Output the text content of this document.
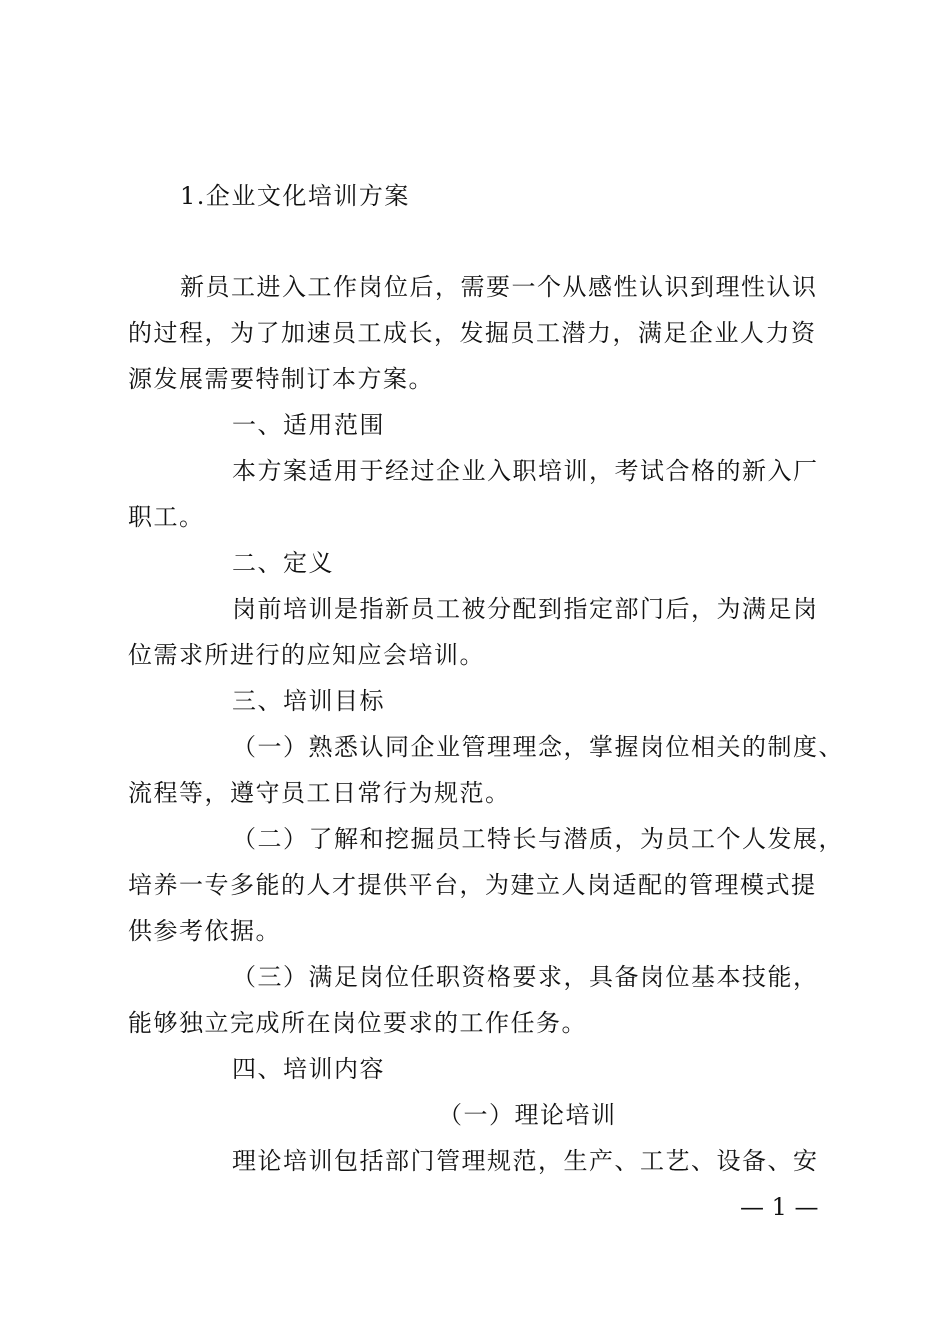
1.企业文化培训方案
新员工进入工作岗位后，需要一个从感性认识到理性认识
的过程，为了加速员工成长，发掘员工潜力，满足企业人力资
源发展需要特制订本方案。
一、适用范围
本方案适用于经过企业入职培训，考试合格的新入厂
职工。
二、定义
岗前培训是指新员工被分配到指定部门后，为满足岗
位需求所进行的应知应会培训。
三、培训目标
（一）熟悉认同企业管理理念，掌握岗位相关的制度、
流程等，遵守员工日常行为规范。
（二）了解和挖掘员工特长与潜质，为员工个人发展，
培养一专多能的人才提供平台，为建立人岗适配的管理模式提
供参考依据。
（三）满足岗位任职资格要求，具备岗位基本技能，
能够独立完成所在岗位要求的工作任务。
四、培训内容
（一）理论培训
理论培训包括部门管理规范，生产、工艺、设备、安
— 1 —
